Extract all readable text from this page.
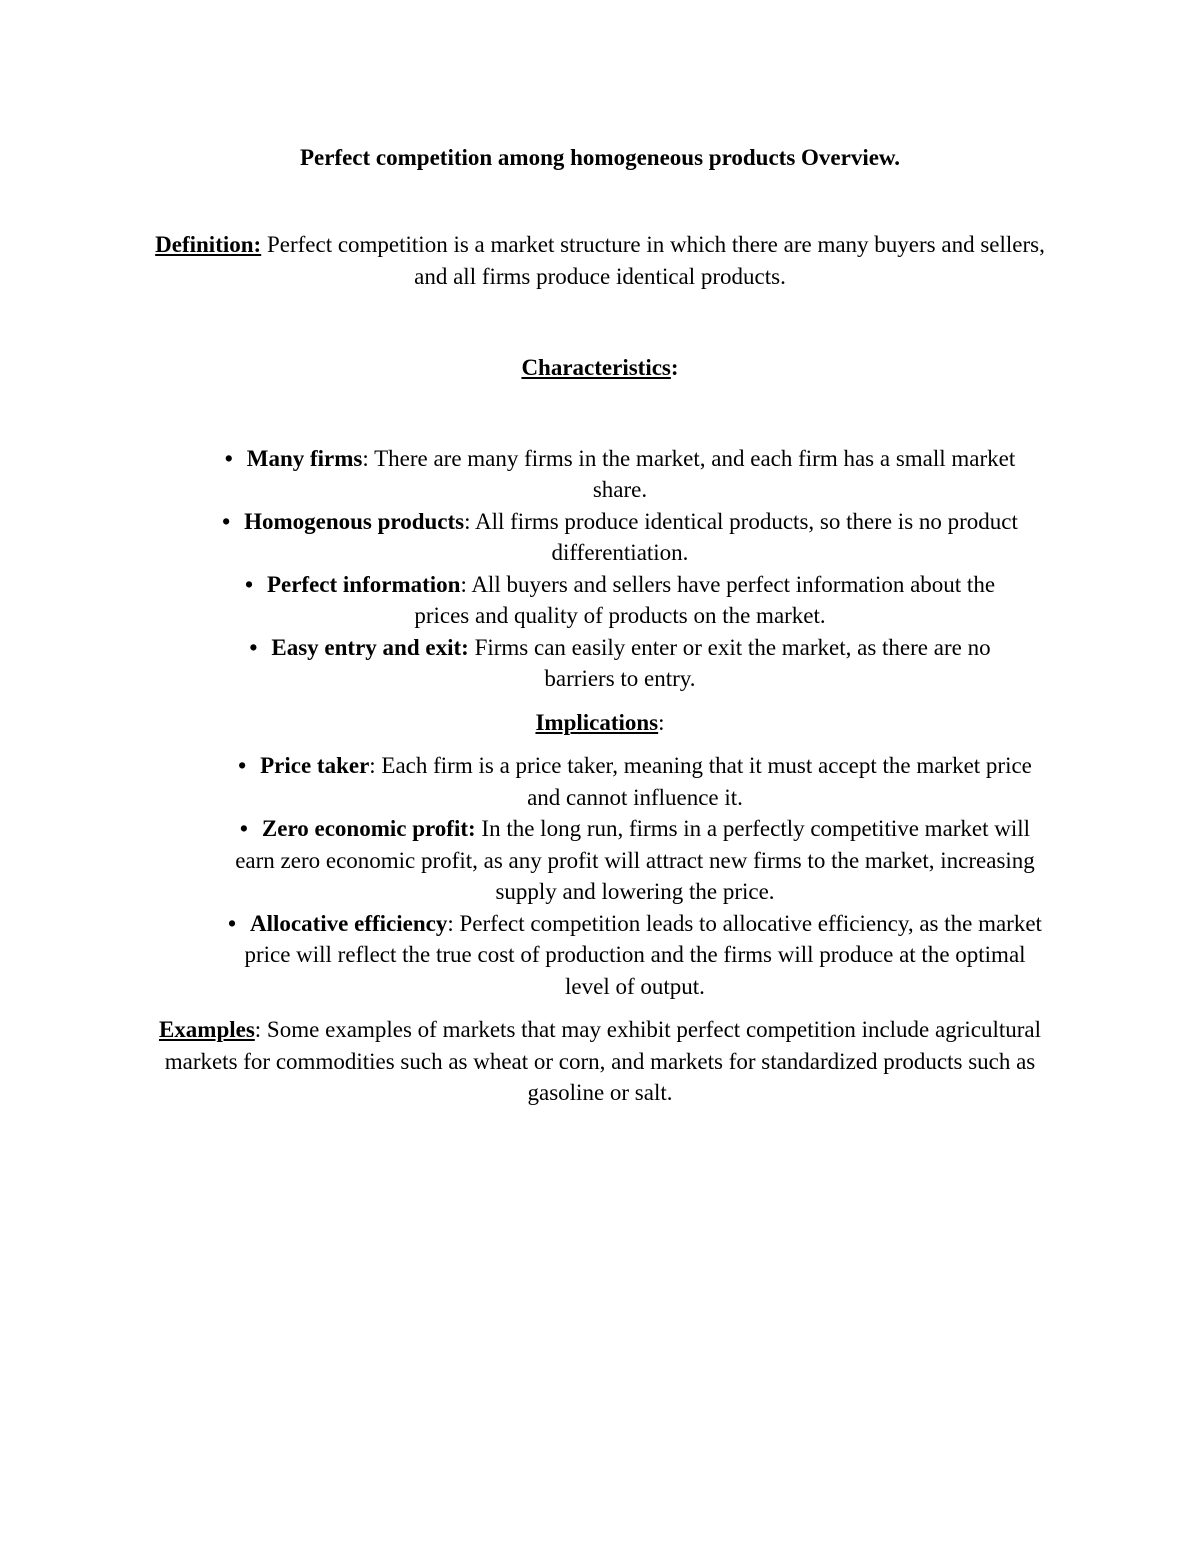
Perfect competition among homogeneous products Overview.

Definition: Perfect competition is a market structure in which there are many buyers and sellers, and all firms produce identical products.

Characteristics:

• Many firms: There are many firms in the market, and each firm has a small market share.
• Homogenous products: All firms produce identical products, so there is no product differentiation.
• Perfect information: All buyers and sellers have perfect information about the prices and quality of products on the market.
• Easy entry and exit: Firms can easily enter or exit the market, as there are no barriers to entry.

Implications:

• Price taker: Each firm is a price taker, meaning that it must accept the market price and cannot influence it.
• Zero economic profit: In the long run, firms in a perfectly competitive market will earn zero economic profit, as any profit will attract new firms to the market, increasing supply and lowering the price.
• Allocative efficiency: Perfect competition leads to allocative efficiency, as the market price will reflect the true cost of production and the firms will produce at the optimal level of output.

Examples: Some examples of markets that may exhibit perfect competition include agricultural markets for commodities such as wheat or corn, and markets for standardized products such as gasoline or salt.
